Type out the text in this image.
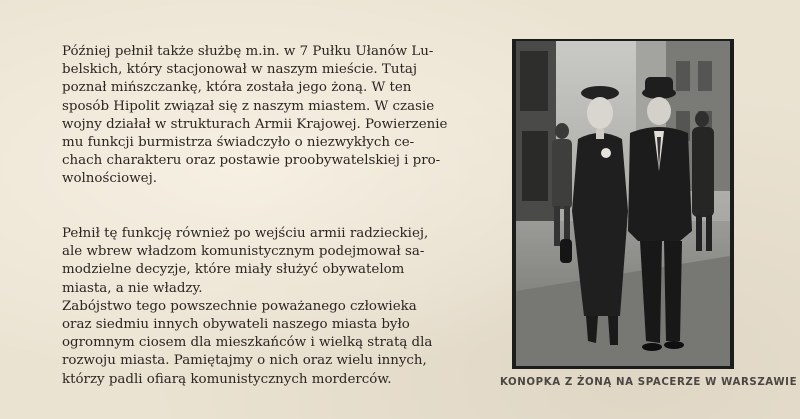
Później pełnił także służbę m.in. w 7 Pułku Ułanów Lu-
belskich, który stacjonował w naszym mieście. Tutaj
poznał mińszczankę, która została jego żoną. W ten
sposób Hipolit związał się z naszym miastem. W czasie
wojny działał w strukturach Armii Krajowej. Powierzenie
mu funkcji burmistrza świadczyło o niezwykłych ce-
chach charakteru oraz postawie proobywatelskiej i pro-
wolnościowej.
Pełnił tę funkcję również po wejściu armii radzieckiej,
ale wbrew władzom komunistycznym podejmował sa-
modzielne decyzje, które miały służyć obywatelom
miasta, a nie władzy.
Zabójstwo tego powszechnie poważanego człowieka
oraz siedmiu innych obywateli naszego miasta było
ogromnym ciosem dla mieszkańców i wielką stratą dla
rozwoju miasta. Pamiętajmy o nich oraz wielu innych,
którzy padli ofiarą komunistycznych morderców.	KONOPKA Z ŻONĄ NA SPACERZE W WARSZAWIE
